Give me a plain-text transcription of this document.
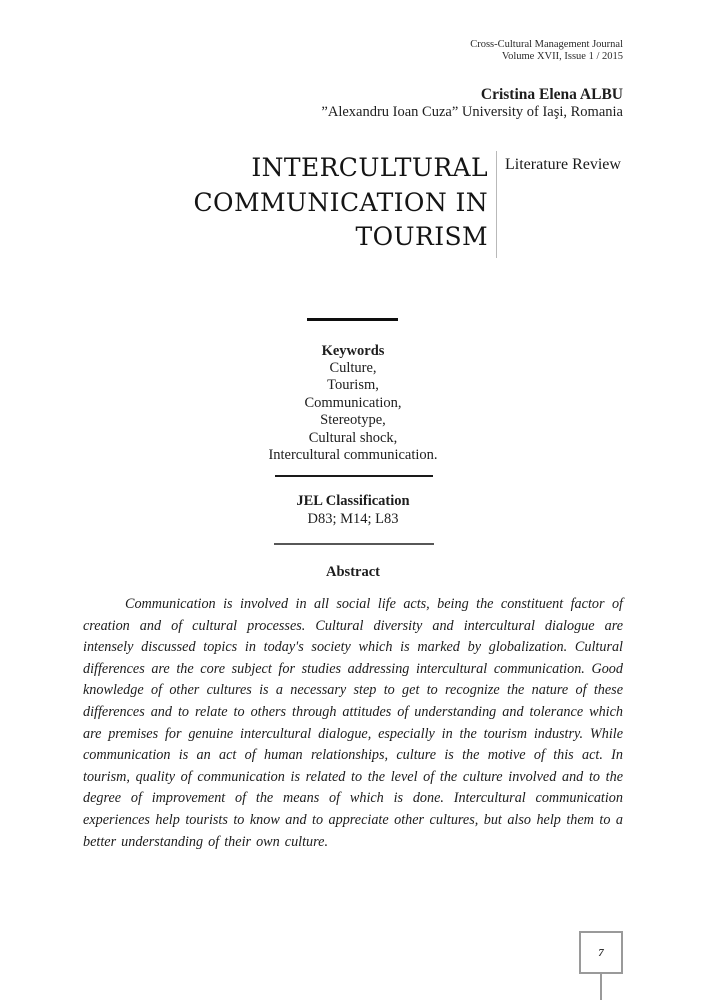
Cross-Cultural Management Journal
Volume XVII, Issue 1 / 2015
Cristina Elena ALBU
”Alexandru Ioan Cuza” University of Iaşi, Romania
INTERCULTURAL
COMMUNICATION IN
TOURISM
Literature Review
Keywords
Culture,
Tourism,
Communication,
Stereotype,
Cultural shock,
Intercultural communication.
JEL Classification
D83; M14; L83
Abstract

Communication is involved in all social life acts, being the constituent factor of creation and of cultural processes. Cultural diversity and intercultural dialogue are intensely discussed topics in today's society which is marked by globalization. Cultural differences are the core subject for studies addressing intercultural communication. Good knowledge of other cultures is a necessary step to get to recognize the nature of these differences and to relate to others through attitudes of understanding and tolerance which are premises for genuine intercultural dialogue, especially in the tourism industry. While communication is an act of human relationships, culture is the motive of this act. In tourism, quality of communication is related to the level of the culture involved and to the degree of improvement of the means of which is done. Intercultural communication experiences help tourists to know and to appreciate other cultures, but also help them to a better understanding of their own culture.

7
